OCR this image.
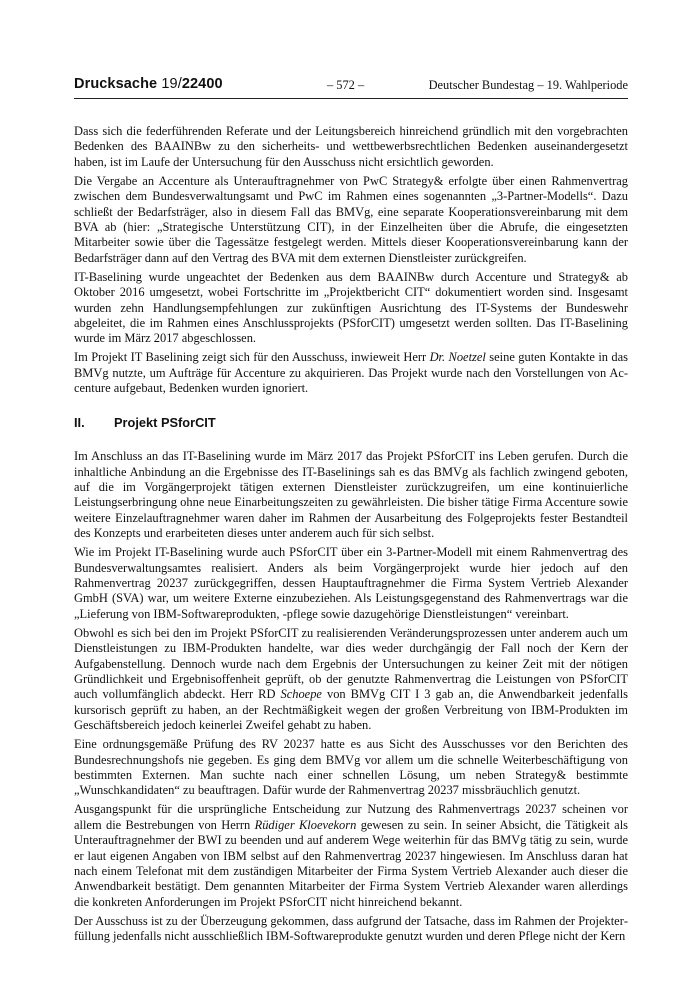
Drucksache 19/22400	– 572 –	Deutscher Bundestag – 19. Wahlperiode

Dass sich die federführenden Referate und der Leitungsbereich hinreichend gründlich mit den vorgebrachten Bedenken des BAAINBw zu den sicherheits- und wettbewerbsrechtlichen Bedenken auseinandergesetzt haben, ist im Laufe der Untersuchung für den Ausschuss nicht ersichtlich geworden.

Die Vergabe an Accenture als Unterauftragnehmer von PwC Strategy& erfolgte über einen Rahmenvertrag zwischen dem Bundesverwaltungsamt und PwC im Rahmen eines sogenannten „3-Partner-Modells“. Dazu schließt der Bedarfsträger, also in diesem Fall das BMVg, eine separate Kooperationsvereinbarung mit dem BVA ab (hier: „Strategische Unterstützung CIT), in der Einzelheiten über die Abrufe, die eingesetzten Mitarbeiter sowie über die Tagessätze festgelegt werden. Mittels dieser Kooperationsvereinbarung kann der Bedarfsträger dann auf den Vertrag des BVA mit dem externen Dienstleister zurückgreifen.

IT-Baselining wurde ungeachtet der Bedenken aus dem BAAINBw durch Accenture und Strategy& ab Oktober 2016 umgesetzt, wobei Fortschritte im „Projektbericht CIT“ dokumentiert worden sind. Insgesamt wurden zehn Handlungsempfehlungen zur zukünftigen Ausrichtung des IT-Systems der Bundeswehr abgeleitet, die im Rahmen eines Anschlussprojekts (PSforCIT) umgesetzt werden sollten. Das IT-Baselining wurde im März 2017 abgeschlossen.

Im Projekt IT Baselining zeigt sich für den Ausschuss, inwieweit Herr Dr. Noetzel seine guten Kontakte in das BMVg nutzte, um Aufträge für Accenture zu akquirieren. Das Projekt wurde nach den Vorstellungen von Accenture aufgebaut, Bedenken wurden ignoriert.

II.	Projekt PSforCIT

Im Anschluss an das IT-Baselining wurde im März 2017 das Projekt PSforCIT ins Leben gerufen. Durch die inhaltliche Anbindung an die Ergebnisse des IT-Baselinings sah es das BMVg als fachlich zwingend geboten, auf die im Vorgängerprojekt tätigen externen Dienstleister zurückzugreifen, um eine kontinuierliche Leistungserbringung ohne neue Einarbeitungszeiten zu gewährleisten. Die bisher tätige Firma Accenture sowie weitere Einzelauftragnehmer waren daher im Rahmen der Ausarbeitung des Folgeprojekts fester Bestandteil des Konzepts und erarbeiteten dieses unter anderem auch für sich selbst.

Wie im Projekt IT-Baselining wurde auch PSforCIT über ein 3-Partner-Modell mit einem Rahmenvertrag des Bundesverwaltungsamtes realisiert. Anders als beim Vorgängerprojekt wurde hier jedoch auf den Rahmenvertrag 20237 zurückgegriffen, dessen Hauptauftragnehmer die Firma System Vertrieb Alexander GmbH (SVA) war, um weitere Externe einzubeziehen. Als Leistungsgegenstand des Rahmenvertrags war die „Lieferung von IBM-Softwareprodukten, -pflege sowie dazugehörige Dienstleistungen“ vereinbart.

Obwohl es sich bei den im Projekt PSforCIT zu realisierenden Veränderungsprozessen unter anderem auch um Dienstleistungen zu IBM-Produkten handelte, war dies weder durchgängig der Fall noch der Kern der Aufgabenstellung. Dennoch wurde nach dem Ergebnis der Untersuchungen zu keiner Zeit mit der nötigen Gründlichkeit und Ergebnisoffenheit geprüft, ob der genutzte Rahmenvertrag die Leistungen von PSforCIT auch vollumfänglich abdeckt. Herr RD Schoepe von BMVg CIT I 3 gab an, die Anwendbarkeit jedenfalls kursorisch geprüft zu haben, an der Rechtmäßigkeit wegen der großen Verbreitung von IBM-Produkten im Geschäftsbereich jedoch keinerlei Zweifel gehabt zu haben.

Eine ordnungsgemäße Prüfung des RV 20237 hatte es aus Sicht des Ausschusses vor den Berichten des Bundesrechnungshofs nie gegeben. Es ging dem BMVg vor allem um die schnelle Weiterbeschäftigung von bestimmten Externen. Man suchte nach einer schnellen Lösung, um neben Strategy& bestimmte „Wunschkandidaten“ zu beauftragen. Dafür wurde der Rahmenvertrag 20237 missbräuchlich genutzt.

Ausgangspunkt für die ursprüngliche Entscheidung zur Nutzung des Rahmenvertrags 20237 scheinen vor allem die Bestrebungen von Herrn Rüdiger Kloevekorn gewesen zu sein. In seiner Absicht, die Tätigkeit als Unterauftragnehmer der BWI zu beenden und auf anderem Wege weiterhin für das BMVg tätig zu sein, wurde er laut eigenen Angaben von IBM selbst auf den Rahmenvertrag 20237 hingewiesen. Im Anschluss daran hat nach einem Telefonat mit dem zuständigen Mitarbeiter der Firma System Vertrieb Alexander auch dieser die Anwendbarkeit bestätigt. Dem genannten Mitarbeiter der Firma System Vertrieb Alexander waren allerdings die konkreten Anforderungen im Projekt PSforCIT nicht hinreichend bekannt.

Der Ausschuss ist zu der Überzeugung gekommen, dass aufgrund der Tatsache, dass im Rahmen der Projekterfüllung jedenfalls nicht ausschließlich IBM-Softwareprodukte genutzt wurden und deren Pflege nicht der Kern
